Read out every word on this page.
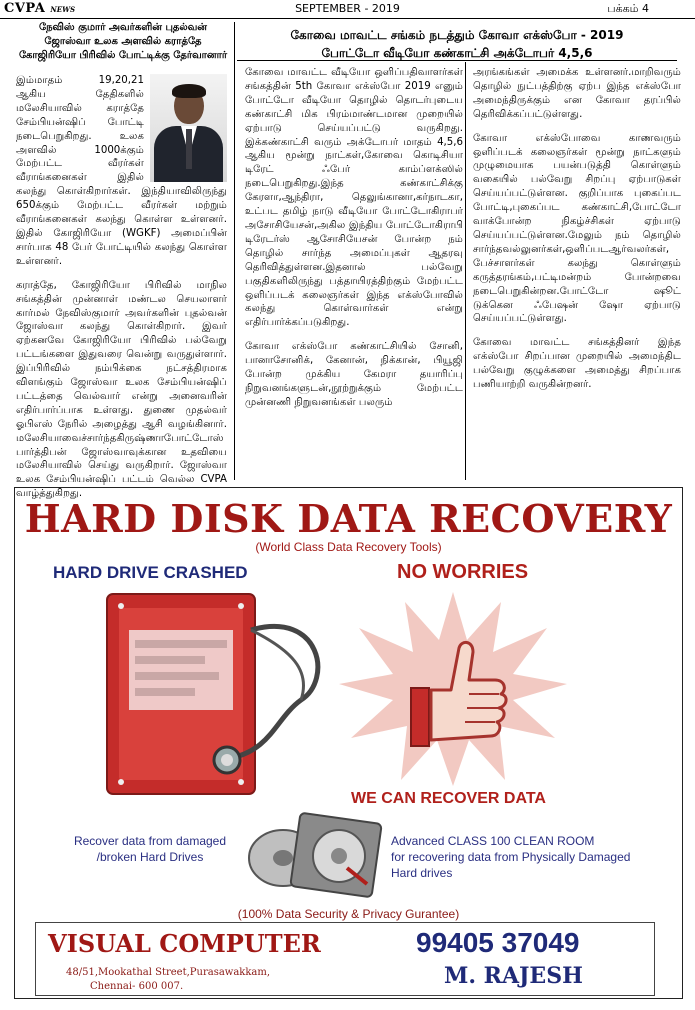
CVPA NEWS	SEPTEMBER - 2019	பக்கம் 4
நேவிஸ் குமார் அவர்களின் புதல்வன் ஜோஸ்வா உலக அளவில் கராத்தே கோஜிரியோ பிரிவில் போட்டிக்கு தேர்வானார்

இம்மாதம் 19,20,21 ஆகிய தேதிகளில் மலேசியாவில் கராத்தே சேம்பியன்ஷிப் போட்டி நடைபெறுகிறது. உலக அளவில் 1000க்கும் மேற்பட்ட வீரர்கள் வீராங்கனைகள் இதில் கலந்து கொள்கிறார்கள். இந்தியாவிலிருந்து 650க்கும் மேற்பட்ட வீரர்கள் மற்றும் வீராங்கனைகள் கலந்து கொள்ள உள்ளனர். இதில் கோஜிரியோ (WGKF) அமைப்பின் சார்பாக 48 பேர் போட்டியில் கலந்து கொள்ள உள்ளனர்.

கராத்தே, கோஜிரியோ பிரிவில் மாநில சங்கத்தின் முன்னாள் மண்டல செயலாளர் கார்மல் நேவிஸ்குமார் அவர்களின் புதல்வன் ஜோஸ்வா கலந்து கொள்கிறார். இவர் ஏற்கனவே கோஜிரியோ பிரிவில் பல்வேறு பட்டங்களை இதுவரை வென்று வருதுள்ளார். இப்பிரிவில் நம்பிக்கை நட்சத்திரமாக விளங்கும் ஜோஸ்வா உலக சேம்பியன்ஷிப் பட்டத்தை வெல்வார் என்று அனைவரின் எதிர்பார்ப்பாக உள்ளது. துணை முதல்வர் ஓபிஎஸ் நேரில் அழைத்து ஆசி வழங்கினார். மலேசியாவைச்சார்ந்தகிருஷ்ணாபோட்டோஸ் பார்த்திபன் ஜோஸ்வாவுக்கான உதவியை மலேசியாவில் செய்து வருகிறார். ஜோஸ்வா உலக சேம்பியன்ஷிப் பட்டம் வெல்ல CVPA வாழ்த்துகிறது.

கோவை மாவட்ட சங்கம் நடத்தும் கோவா எக்ஸ்போ - 2019
போட்டோ வீடியோ கண்காட்சி அக்டோபர் 4,5,6

கோவை மாவட்ட வீடியோ ஒளிப்பதிவாளர்கள் சங்கத்தின் 5th கோவா எக்ஸ்போ 2019 எனும் போட்டோ வீடியோ தொழில் தொடர்புடைய கண்காட்சி மிக பிரம்மாண்டமான முறையில் ஏற்பாடு செய்யப்பட்டு வருகிறது. இக்கண்காட்சி வரும் அக்டோபர் மாதம் 4,5,6 ஆகிய மூன்று நாட்கள்,கோவை கொடிசியா டிரேட் ஃபேர் காம்ப்ளக்ஸில் நடைபெறுகிறது.இந்த கண்காட்சிக்கு கேரளா,ஆந்திரா, தெலுங்கானா,கர்நாடகா, உட்பட தமிழ் நாடு வீடியோ போட்டோகிராபர் அசோசியேசன்,அகில இந்திய போட்டோகிராபி டிரேடர்ஸ் ஆசோசியேசன் போன்ற நம் தொழில் சார்ந்த அமைப்புகள் ஆதரவு தெரிவித்துள்ளன.இதனால் பல்வேறு பகுதிகளிலிருந்து பத்தாயிரத்திற்கும் மேற்பட்ட ஒளிப்படக் கலைஞர்கள் இந்த எக்ஸ்போவில் கலந்து கொள்வார்கள் என்று எதிர்பார்க்கப்படுகிறது.

கோவா எக்ஸ்போ கண்காட்சியில் சோனி, பானாசோனிக், கேனான், நிக்கான், பியூஜி போன்ற முக்கிய கேமரா தயாரிப்பு நிறுவனங்களுடன்,நூற்றுக்கும் மேற்பட்ட முன்னணி நிறுவனங்கள் பலரும்

அரங்கங்கள் அமைக்க உள்ளனர்.மாறிவரும் தொழில் நுட்பத்திற்கு ஏற்ப இந்த எக்ஸ்போ அமைந்திருக்கும் என கோவா தரப்பில் தெரிவிக்கப்பட்டுள்ளது.

கோவா எக்ஸ்போவை காணவரும் ஒளிப்படக் கலைஞர்கள் மூன்று நாட்களும் முழுமையாக பயன்படுத்தி கொள்ளும் வகையில் பல்வேறு சிறப்பு ஏற்பாடுகள் செய்யப்பட்டுள்ளன. குறிப்பாக புகைப்பட போட்டி,புகைப்பட கண்காட்சி,போட்டோ வாக்போன்ற நிகழ்ச்சிகள் ஏற்பாடு செய்யப்பட்டுள்ளன.மேலும் நம் தொழில் சார்ந்தவல்லுனர்கள்,ஒளிப்படஆர்வலர்கள், பேச்சாளர்கள் கலந்து கொள்ளும் கருத்தரங்கம்,பட்டிமன்றம் போன்றவை நடைபெறுகின்றன.போட்டோ ஷூட் டுக்கென ஃபேஷன் ஷோ ஏற்பாடு செய்யப்பட்டுள்ளது.

கோவை மாவட்ட சங்கத்தினர் இந்த எக்ஸ்போ சிறப்பான முறையில் அமைந்திட பல்வேறு குழுக்களை அமைத்து சிறப்பாக பணியாற்றி வருகின்றனர்.

HARD DISK DATA RECOVERY
(World Class Data Recovery Tools)
HARD DRIVE CRASHED	NO WORRIES
WE CAN RECOVER DATA
Recover data from damaged /broken Hard Drives
Advanced CLASS 100 CLEAN ROOM
for recovering data from Physically Damaged
Hard drives
(100% Data Security & Privacy Gurantee)
VISUAL COMPUTER
48/51,Mookathal Street,Purasawakkam,
Chennai- 600 007.
99405 37049
M. RAJESH
